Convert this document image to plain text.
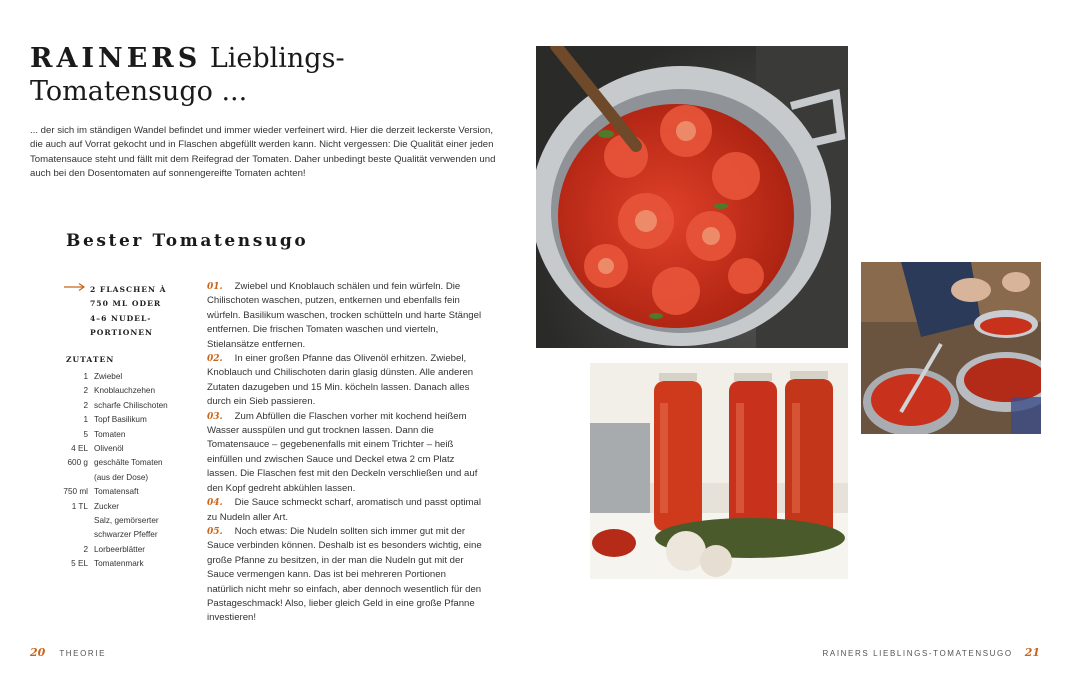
RAINERS Lieblings-
Tomatensugo ...
... der sich im ständigen Wandel befindet und immer wieder verfeinert wird. Hier die derzeit leckerste Version, die auch auf Vorrat gekocht und in Flaschen abgefüllt werden kann. Nicht vergessen: Die Qualität einer jeden Tomatensauce steht und fällt mit dem Reifegrad der Tomaten. Daher unbedingt beste Qualität verwenden und auch bei den Dosentomaten auf sonnengereifte Tomaten achten!
Bester Tomatensugo
2 FLASCHEN À
750 ML ODER
4–6 NUDEL-
PORTIONEN
ZUTATEN
1 Zwiebel
2 Knoblauchzehen
2 scharfe Chilischoten
1 Topf Basilikum
5 Tomaten
4 EL Olivenöl
600 g geschälte Tomaten
(aus der Dose)
750 ml Tomatensaft
1 TL Zucker
Salz, gemörserter
schwarzer Pfeffer
2 Lorbeerblätter
5 EL Tomatenmark

01. Zwiebel und Knoblauch schälen und fein würfeln. Die Chilischoten waschen, putzen, entkernen und ebenfalls fein würfeln. Basilikum waschen, trocken schütteln und harte Stängel entfernen. Die frischen Tomaten waschen und vierteln, Stielansätze entfernen.

02. In einer großen Pfanne das Olivenöl erhitzen. Zwiebel, Knoblauch und Chilischoten darin glasig dünsten. Alle anderen Zutaten dazugeben und 15 Min. köcheln lassen. Danach alles durch ein Sieb passieren.

03. Zum Abfüllen die Flaschen vorher mit kochend heißem Wasser ausspülen und gut trocknen lassen. Dann die Tomatensauce – gegebenenfalls mit einem Trichter – heiß einfüllen und zwischen Sauce und Deckel etwa 2 cm Platz lassen. Die Flaschen fest mit den Deckeln verschließen und auf den Kopf gedreht abkühlen lassen.

04. Die Sauce schmeckt scharf, aromatisch und passt optimal zu Nudeln aller Art.

05. Noch etwas: Die Nudeln sollten sich immer gut mit der Sauce verbinden können. Deshalb ist es besonders wichtig, eine große Pfanne zu besitzen, in der man die Nudeln gut mit der Sauce vermengen kann. Das ist bei mehreren Portionen natürlich nicht mehr so einfach, aber dennoch wesentlich für den Pastageschmack! Also, lieber gleich Geld in eine große Pfanne investieren!

20 THEORIE	RAINERS LIEBLINGS-TOMATENSUGO 21
